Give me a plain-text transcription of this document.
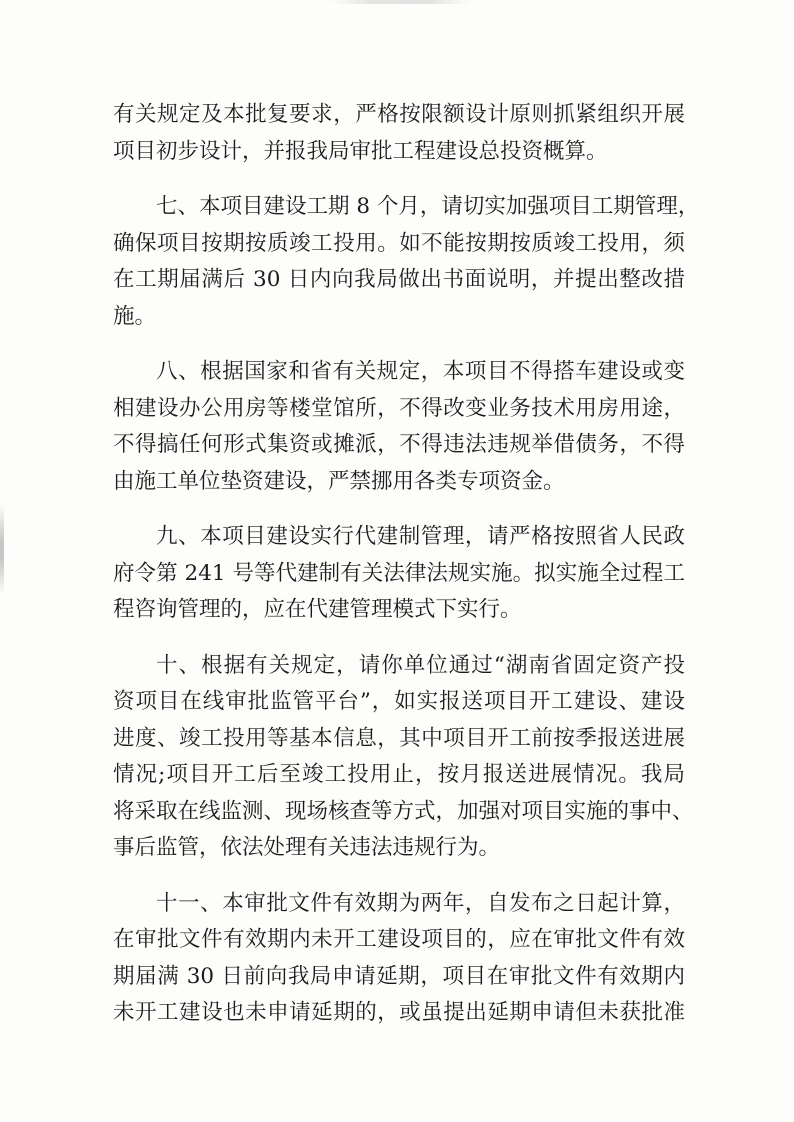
有关规定及本批复要求，严格按限额设计原则抓紧组织开展
项目初步设计，并报我局审批工程建设总投资概算。
七、本项目建设工期 8 个月，请切实加强项目工期管理，
确保项目按期按质竣工投用。如不能按期按质竣工投用，须
在工期届满后 30 日内向我局做出书面说明，并提出整改措
施。
八、根据国家和省有关规定，本项目不得搭车建设或变
相建设办公用房等楼堂馆所，不得改变业务技术用房用途，
不得搞任何形式集资或摊派，不得违法违规举借债务，不得
由施工单位垫资建设，严禁挪用各类专项资金。
九、本项目建设实行代建制管理，请严格按照省人民政
府令第 241 号等代建制有关法律法规实施。拟实施全过程工
程咨询管理的，应在代建管理模式下实行。
十、根据有关规定，请你单位通过“湖南省固定资产投
资项目在线审批监管平台”，如实报送项目开工建设、建设
进度、竣工投用等基本信息，其中项目开工前按季报送进展
情况;项目开工后至竣工投用止，按月报送进展情况。我局
将采取在线监测、现场核查等方式，加强对项目实施的事中、
事后监管，依法处理有关违法违规行为。
十一、本审批文件有效期为两年，自发布之日起计算，
在审批文件有效期内未开工建设项目的，应在审批文件有效
期届满 30 日前向我局申请延期，项目在审批文件有效期内
未开工建设也未申请延期的，或虽提出延期申请但未获批准
